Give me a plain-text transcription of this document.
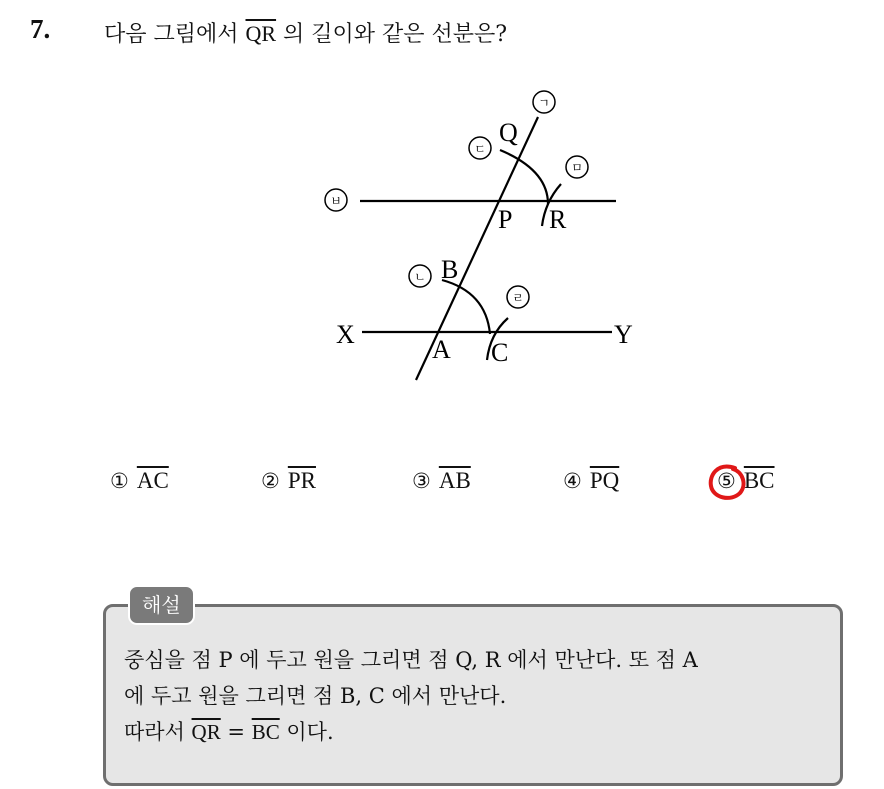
7. 다음 그림에서 $\overline{QR}$ 의 길이와 같은 선분은?
Q
P R
B
A C
X	Y
ㄱ
ㄷ
ㅁ
ㅂ
ㄴ
ㄹ
① $\overline{AC}$	② $\overline{PR}$	③ $\overline{AB}$	④ $\overline{PQ}$	⑤ $\overline{BC}$
해설
중심을 점 P 에 두고 원을 그리면 점 Q, R 에서 만난다. 또 점 A
에 두고 원을 그리면 점 B, C 에서 만난다.
따라서 $\overline{QR} = \overline{BC}$ 이다.
